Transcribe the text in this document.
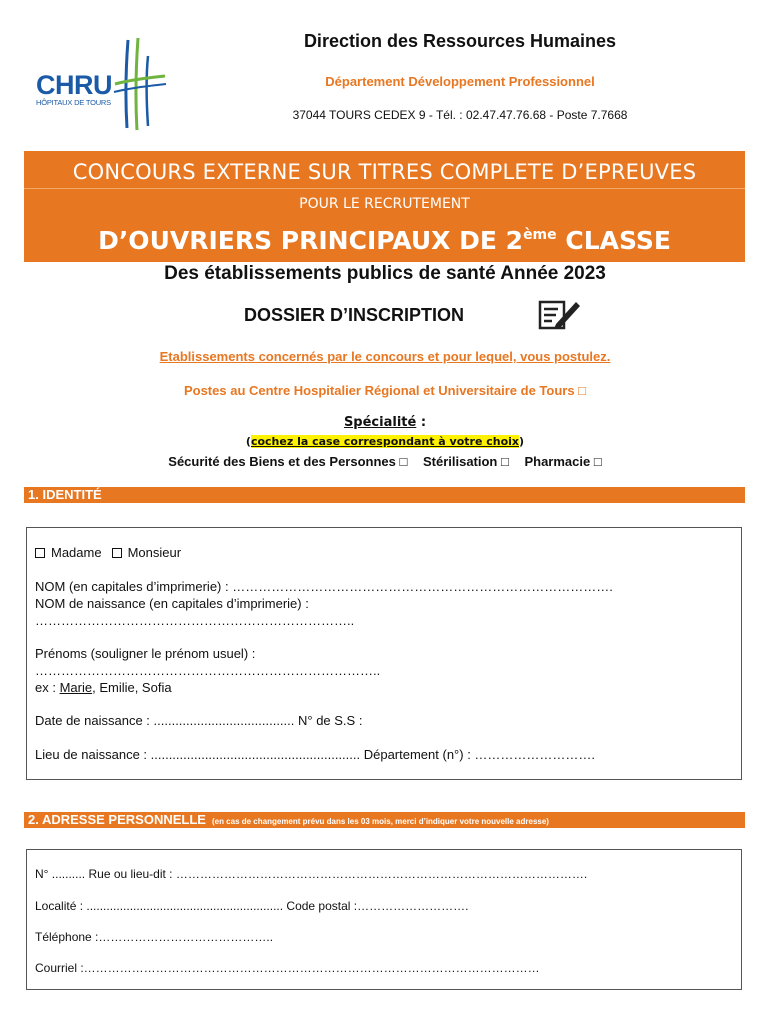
CHRU
HÔPITAUX DE TOURS
Direction des Ressources Humaines
Département Développement Professionnel
37044 TOURS CEDEX 9 - Tél. : 02.47.47.76.68 - Poste 7.7668
CONCOURS EXTERNE SUR TITRES COMPLETE D’EPREUVES
POUR LE RECRUTEMENT
D’OUVRIERS PRINCIPAUX DE 2ème CLASSE
Des établissements publics de santé Année 2023
DOSSIER D’INSCRIPTION
Etablissements concernés par le concours et pour lequel, vous postulez.
Postes au Centre Hospitalier Régional et Universitaire de Tours □
Spécialité :
(cochez la case correspondant à votre choix)
Sécurité des Biens et des Personnes □ Stérilisation □ Pharmacie □
1. IDENTITÉ
Madame Monsieur
NOM (en capitales d’imprimerie) : …………………………………………………………………………….
NOM de naissance (en capitales d’imprimerie) :
………………………………………………………………..
Prénoms (souligner le prénom usuel) :
……………………………………………………………………..
ex : Marie, Emilie, Sofia
Date de naissance : ....................................... N° de S.S :
Lieu de naissance : .......................................................... Département (n°) : ……………………….
2. ADRESSE PERSONNELLE (en cas de changement prévu dans les 03 mois, merci d’indiquer votre nouvelle adresse)
N° .......... Rue ou lieu-dit : ………………………………………………………………………………………….
Localité : ........................................................... Code postal :……………………….
Téléphone :……………………………………..
Courriel :……………………………………………………………………………………………………
